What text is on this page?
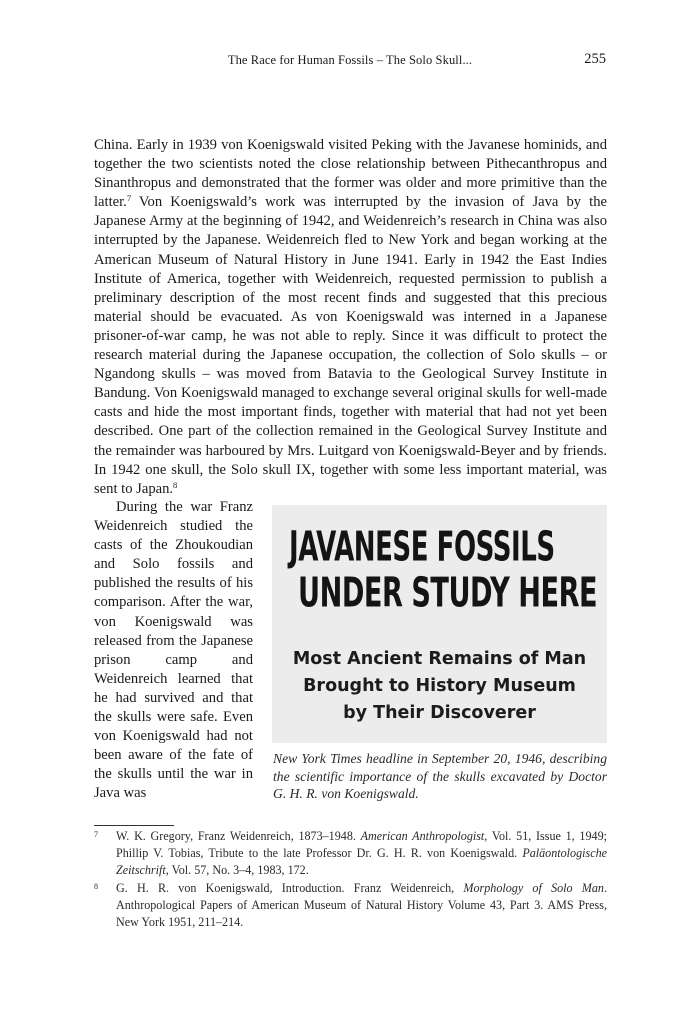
The Race for Human Fossils – The Solo Skull...	255

China. Early in 1939 von Koenigswald visited Peking with the Javanese hominids, and together the two scientists noted the close relationship between Pithecanthropus and Sinanthropus and demonstrated that the former was older and more primitive than the latter.$^7$ Von Koenigswald’s work was interrupted by the invasion of Java by the Japanese Army at the beginning of 1942, and Weidenreich’s research in China was also interrupted by the Japanese. Weidenreich fled to New York and began working at the American Museum of Natural History in June 1941. Early in 1942 the East Indies Institute of America, together with Weidenreich, requested permission to publish a preliminary description of the most recent finds and suggested that this precious material should be evacuated. As von Koenigswald was interned in a Japanese prisoner-of-war camp, he was not able to reply. Since it was difficult to protect the research material during the Japanese occupation, the collection of Solo skulls – or Ngandong skulls – was moved from Batavia to the Geological Survey Institute in Bandung. Von Koenigswald managed to exchange several original skulls for well-made casts and hide the most important finds, together with material that had not yet been described. One part of the collection remained in the Geological Survey Institute and the remainder was harboured by Mrs. Luitgard von Koenigswald-Beyer and by friends. In 1942 one skull, the Solo skull IX, together with some less important material, was sent to Japan.$^8$

During the war Franz Weidenreich studied the casts of the Zhoukoudian and Solo fossils and published the results of his comparison. After the war, von Koenigswald was released from the Japanese prison camp and Weidenreich learned that he had survived and that the skulls were safe. Even von Koenigswald had not been aware of the fate of the skulls until the war in Java was

JAVANESE FOSSILS
UNDER STUDY HERE
Most Ancient Remains of Man
Brought to History Museum
by Their Discoverer

New York Times headline in September 20, 1946, describing the scientific importance of the skulls excavated by Doctor G. H. R. von Koenigswald.

7 W. K. Gregory, Franz Weidenreich, 1873–1948. American Anthropologist, Vol. 51, Issue 1, 1949; Phillip V. Tobias, Tribute to the late Professor Dr. G. H. R. von Koenigswald. Paläontologische Zeitschrift, Vol. 57, No. 3–4, 1983, 172.

8 G. H. R. von Koenigswald, Introduction. Franz Weidenreich, Morphology of Solo Man. Anthropological Papers of American Museum of Natural History Volume 43, Part 3. AMS Press, New York 1951, 211–214.
